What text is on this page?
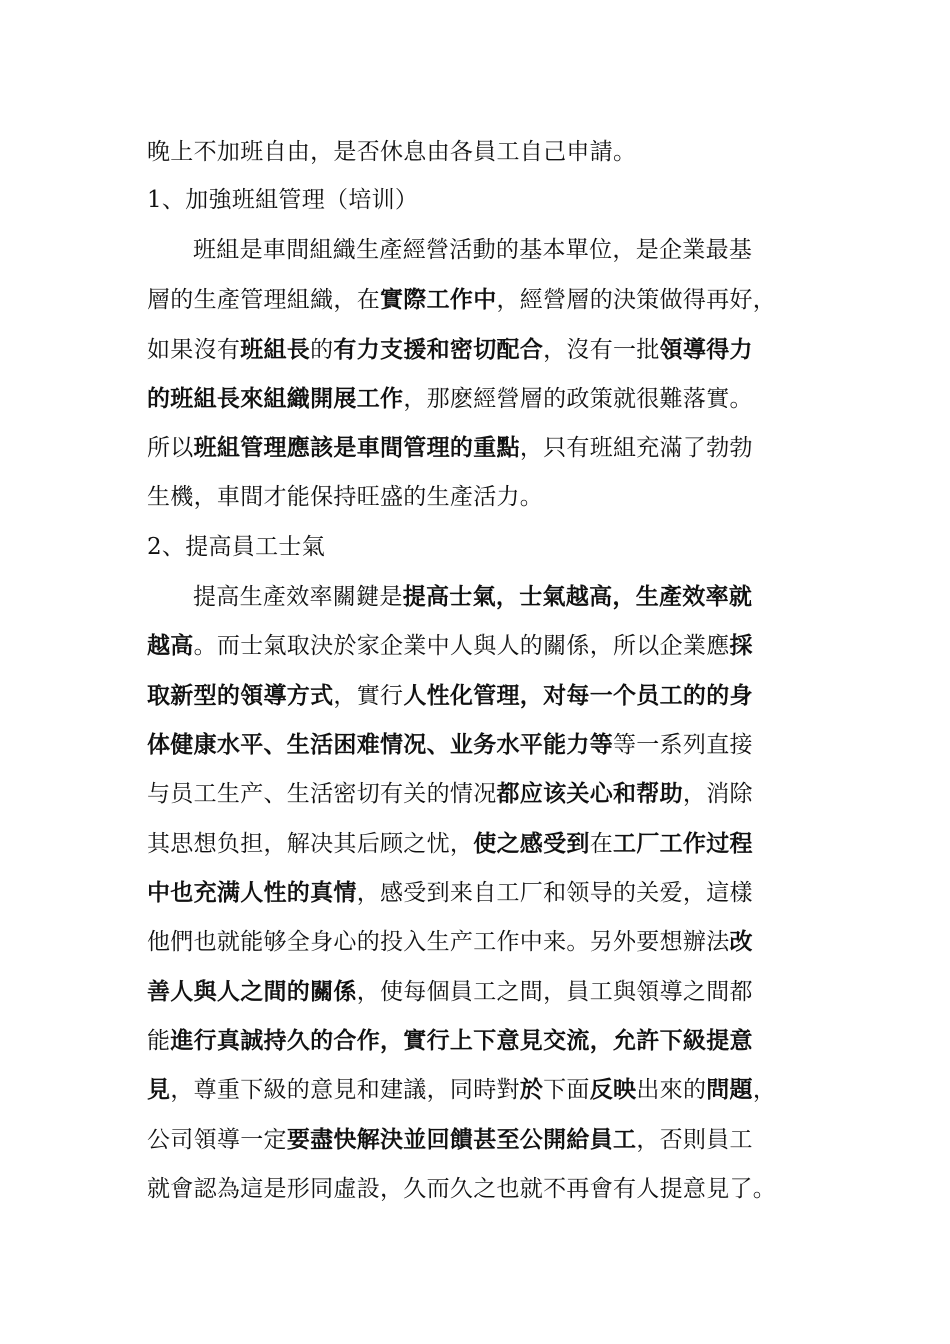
晚上不加班自由，是否休息由各員工自己申請。

1、加強班組管理（培训）

班組是車間組織生產經營活動的基本單位，是企業最基

層的生產管理組織，在實際工作中，經營層的決策做得再好，

如果沒有班組長的有力支援和密切配合，沒有一批領導得力

的班組長來組織開展工作，那麽經營層的政策就很難落實。

所以班組管理應該是車間管理的重點，只有班組充滿了勃勃

生機，車間才能保持旺盛的生產活力。

2、提高員工士氣

提高生產效率關鍵是提高士氣，士氣越高，生產效率就

越高。而士氣取決於家企業中人與人的關係，所以企業應採

取新型的領導方式，實行人性化管理，对每一个员工的的身

体健康水平、生活困难情况、业务水平能力等等一系列直接

与员工生产、生活密切有关的情况都应该关心和帮助，消除

其思想负担，解决其后顾之忧，使之感受到在工厂工作过程

中也充满人性的真情，感受到来自工厂和领导的关爱，這樣

他們也就能够全身心的投入生产工作中来。另外要想辦法改

善人與人之間的關係，使每個員工之間，員工與領導之間都

能進行真誠持久的合作，實行上下意見交流，允許下級提意

見，尊重下級的意見和建議，同時對於下面反映出來的問題，

公司領導一定要盡快解決並回饋甚至公開給員工，否則員工

就會認為這是形同虛設，久而久之也就不再會有人提意見了。
